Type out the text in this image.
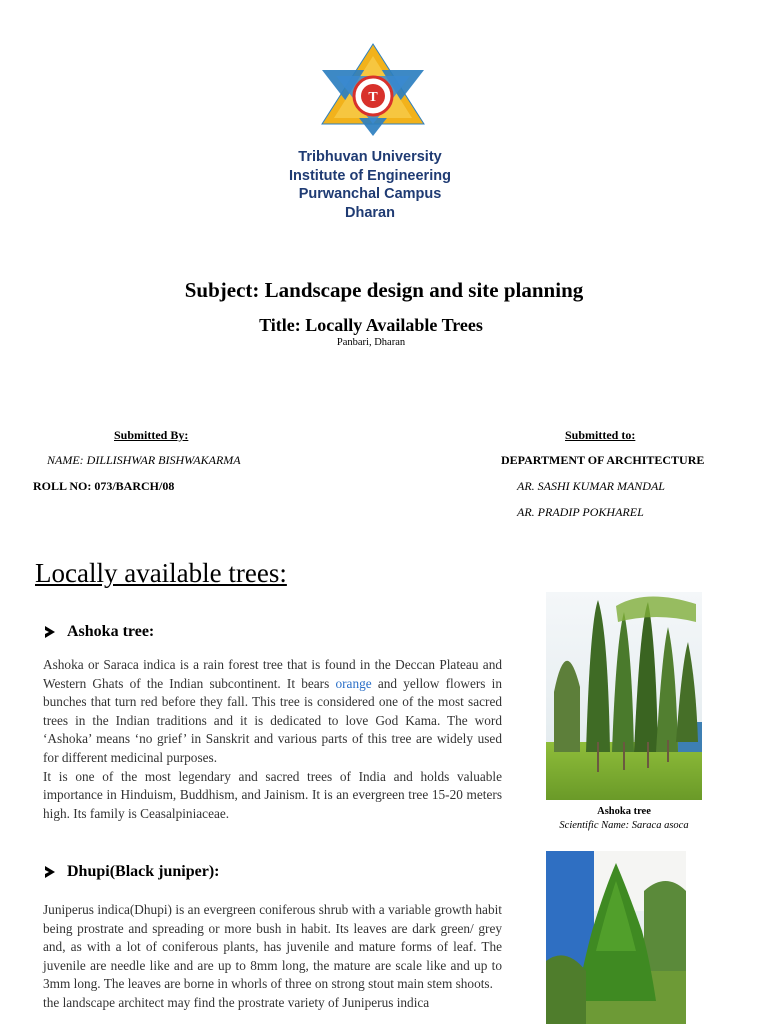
T
Tribhuvan University
Institute of Engineering
Purwanchal Campus
Dharan
Subject: Landscape design and site planning
Title: Locally Available Trees
Panbari, Dharan
Submitted By:
NAME: DILLISHWAR BISHWAKARMA
ROLL NO: 073/BARCH/08
Submitted to:
DEPARTMENT OF ARCHITECTURE
AR. SASHI KUMAR MANDAL
AR. PRADIP POKHAREL
Locally available trees:
Ashoka tree:

Ashoka or Saraca indica is a rain forest tree that is found in the Deccan Plateau and Western Ghats of the Indian subcontinent. It bears orange and yellow flowers in bunches that turn red before they fall. This tree is considered one of the most sacred trees in the Indian traditions and it is dedicated to love God Kama. The word ‘Ashoka’ means ‘no grief’ in Sanskrit and various parts of this tree are widely used for different medicinal purposes.

It is one of the most legendary and sacred trees of India and holds valuable importance in Hinduism, Buddhism, and Jainism. It is an evergreen tree 15-20 meters high. Its family is Ceasalpiniaceae.	Ashoka tree
Scientific Name: Saraca asoca
Dhupi(Black juniper):

Juniperus indica(Dhupi) is an evergreen coniferous shrub with a variable growth habit being prostrate and spreading or more bush in habit. Its leaves are dark green/ grey and, as with a lot of coniferous plants, has juvenile and mature forms of leaf. The juvenile are needle like and are up to 8mm long, the mature are scale like and up to 3mm long. The leaves are borne in whorls of three on strong stout main stem shoots.

the landscape architect may find the prostrate variety of Juniperus indica
